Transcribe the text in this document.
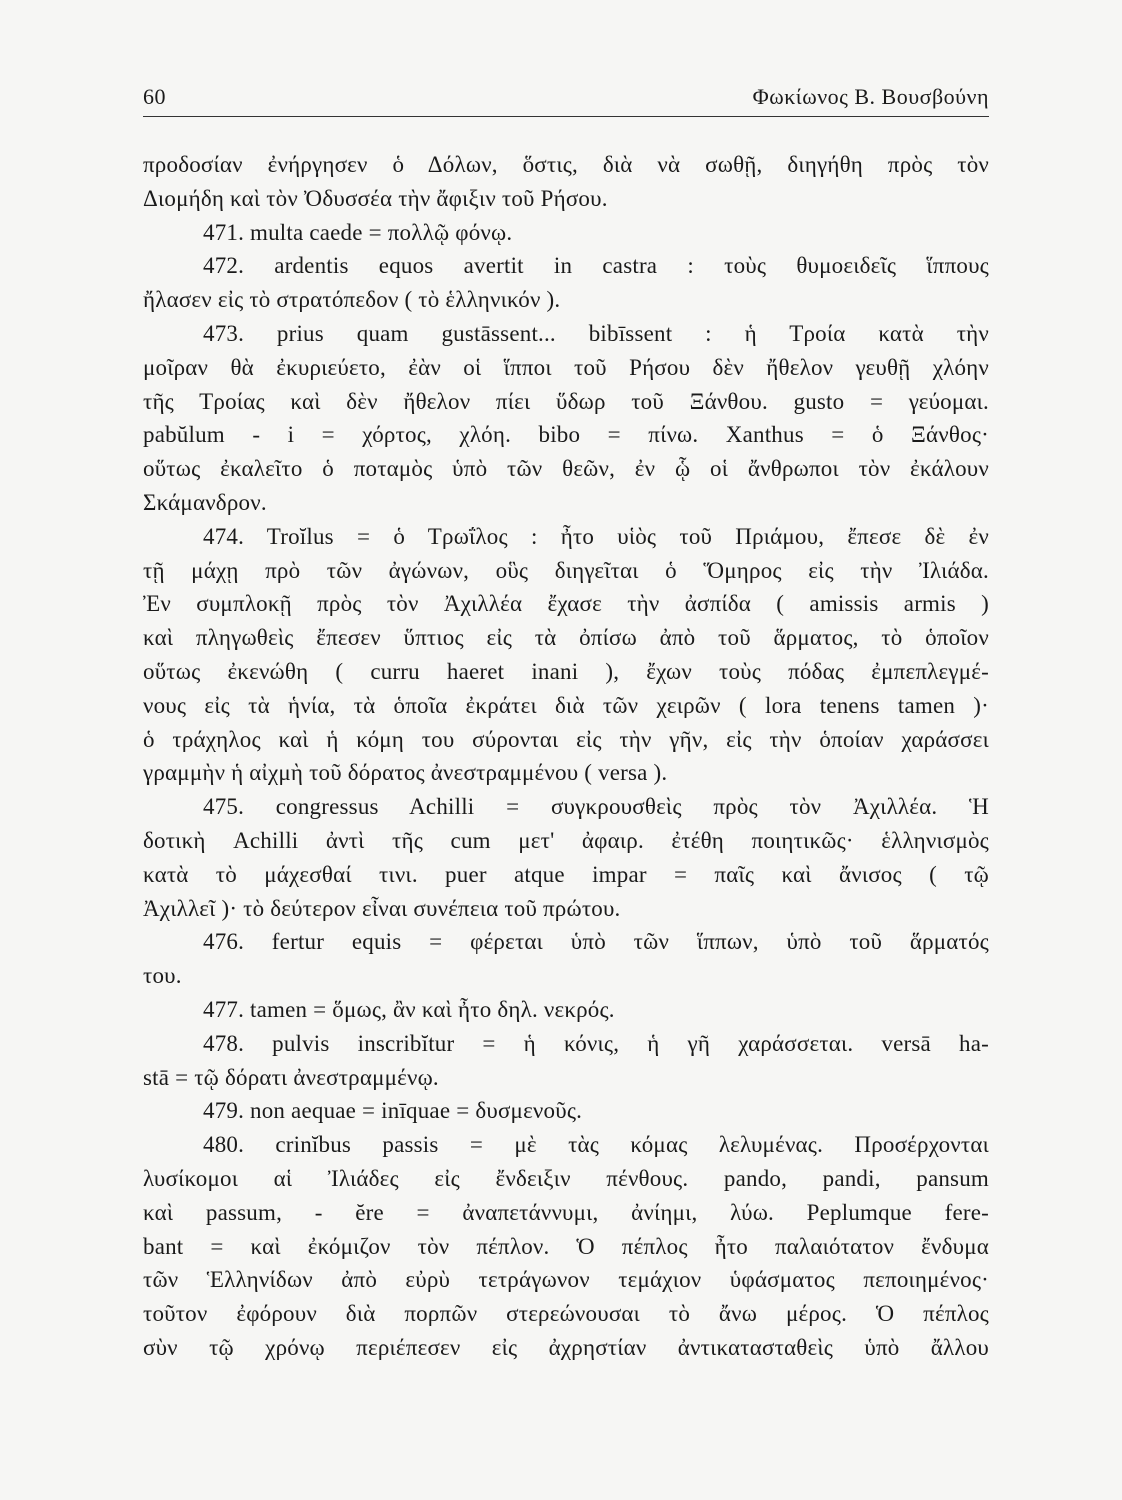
60	Φωκίωνος Β. Βουσβούνη
προδοσίαν ἐνήργησεν ὁ Δόλων, ὅστις, διὰ νὰ σωθῇ, διηγήθη πρὸς τὸν
Διομήδη καὶ τὸν Ὀδυσσέα τὴν ἄφιξιν τοῦ Ρήσου.
471. multa caede = πολλῷ φόνῳ.
472. ardentis equos avertit in castra : τοὺς θυμοειδεῖς ἵππους
ἤλασεν εἰς τὸ στρατόπεδον ( τὸ ἑλληνικόν ).
473. prius quam gustāssent... bibīssent : ἡ Τροία κατὰ τὴν
μοῖραν θὰ ἐκυριεύετο, ἐὰν οἱ ἵπποι τοῦ Ρήσου δὲν ἤθελον γευθῇ χλόην
τῆς Τροίας καὶ δὲν ἤθελον πίει ὕδωρ τοῦ Ξάνθου. gusto = γεύομαι.
pabŭlum - i = χόρτος, χλόη. bibo = πίνω. Xanthus = ὁ Ξάνθος·
οὕτως ἐκαλεῖτο ὁ ποταμὸς ὑπὸ τῶν θεῶν, ἐν ᾧ οἱ ἄνθρωποι τὸν ἐκάλουν
Σκάμανδρον.
474. Troĭlus = ὁ Τρωΐλος : ἦτο υἱὸς τοῦ Πριάμου, ἔπεσε δὲ ἐν
τῇ μάχῃ πρὸ τῶν ἀγώνων, οὓς διηγεῖται ὁ Ὅμηρος εἰς τὴν Ἰλιάδα.
Ἐν συμπλοκῇ πρὸς τὸν Ἀχιλλέα ἔχασε τὴν ἀσπίδα ( amissis armis )
καὶ πληγωθεὶς ἔπεσεν ὕπτιος εἰς τὰ ὀπίσω ἀπὸ τοῦ ἅρματος, τὸ ὁποῖον
οὕτως ἐκενώθη ( curru haeret inani ), ἔχων τοὺς πόδας ἐμπεπλεγμέ-
νους εἰς τὰ ἡνία, τὰ ὁποῖα ἐκράτει διὰ τῶν χειρῶν ( lora tenens tamen )·
ὁ τράχηλος καὶ ἡ κόμη του σύρονται εἰς τὴν γῆν, εἰς τὴν ὁποίαν χαράσσει
γραμμὴν ἡ αἰχμὴ τοῦ δόρατος ἀνεστραμμένου ( versa ).
475. congressus Achilli = συγκρουσθεὶς πρὸς τὸν Ἀχιλλέα. Ἡ
δοτικὴ Achilli ἀντὶ τῆς cum μετ' ἀφαιρ. ἐτέθη ποιητικῶς· ἑλληνισμὸς
κατὰ τὸ μάχεσθαί τινι. puer atque impar = παῖς καὶ ἄνισος ( τῷ
Ἀχιλλεῖ )· τὸ δεύτερον εἶναι συνέπεια τοῦ πρώτου.
476. fertur equis = φέρεται ὑπὸ τῶν ἵππων, ὑπὸ τοῦ ἅρματός
του.
477. tamen = ὅμως, ἂν καὶ ἦτο δηλ. νεκρός.
478. pulvis inscribĭtur = ἡ κόνις, ἡ γῆ χαράσσεται. versā ha-
stā = τῷ δόρατι ἀνεστραμμένῳ.
479. non aequae = inīquae = δυσμενοῦς.
480. crinĭbus passis = μὲ τὰς κόμας λελυμένας. Προσέρχονται
λυσίκομοι αἱ Ἰλιάδες εἰς ἔνδειξιν πένθους. pando, pandi, pansum
καὶ passum, - ĕre = ἀναπετάννυμι, ἀνίημι, λύω. Peplumque fere-
bant = καὶ ἐκόμιζον τὸν πέπλον. Ὁ πέπλος ἦτο παλαιότατον ἔνδυμα
τῶν Ἑλληνίδων ἀπὸ εὐρὺ τετράγωνον τεμάχιον ὑφάσματος πεποιημένος·
τοῦτον ἐφόρουν διὰ πορπῶν στερεώνουσαι τὸ ἄνω μέρος. Ὁ πέπλος
σὺν τῷ χρόνῳ περιέπεσεν εἰς ἀχρηστίαν ἀντικατασταθεὶς ὑπὸ ἄλλου
